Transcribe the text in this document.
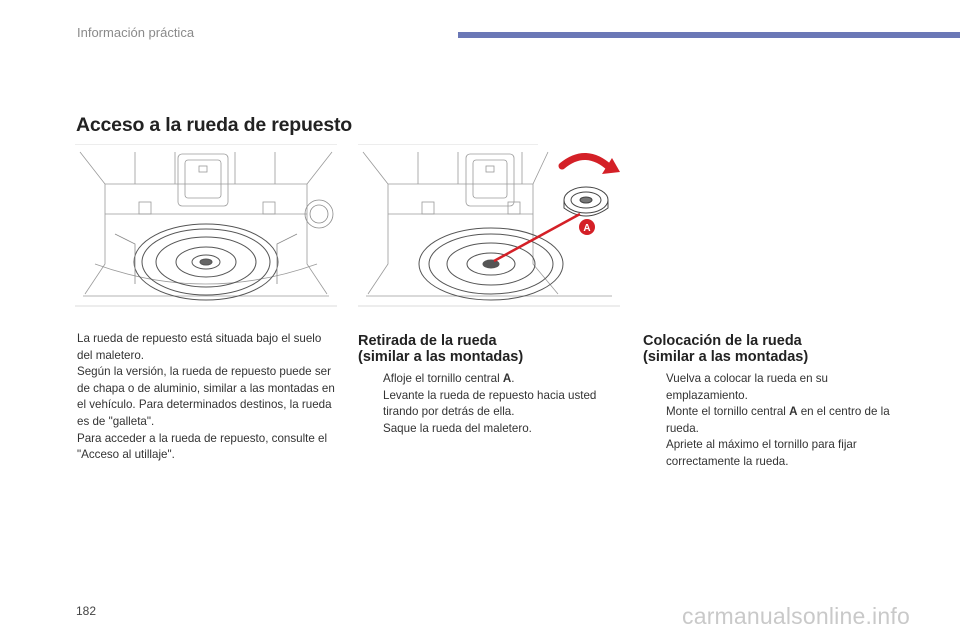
Información práctica
Acceso a la rueda de repuesto
A

La rueda de repuesto está situada bajo el suelo del maletero.

Según la versión, la rueda de repuesto puede ser de chapa o de aluminio, similar a las montadas en el vehículo. Para determinados destinos, la rueda es de "galleta".

Para acceder a la rueda de repuesto, consulte el "Acceso al utillaje".

Retirada de la rueda
(similar a las montadas)
Afloje el tornillo central A.
Levante la rueda de repuesto hacia usted tirando por detrás de ella.
Saque la rueda del maletero.
Colocación de la rueda
(similar a las montadas)
Vuelva a colocar la rueda en su emplazamiento.
Monte el tornillo central A en el centro de la rueda.
Apriete al máximo el tornillo para fijar correctamente la rueda.
182	carmanualsonline.info
